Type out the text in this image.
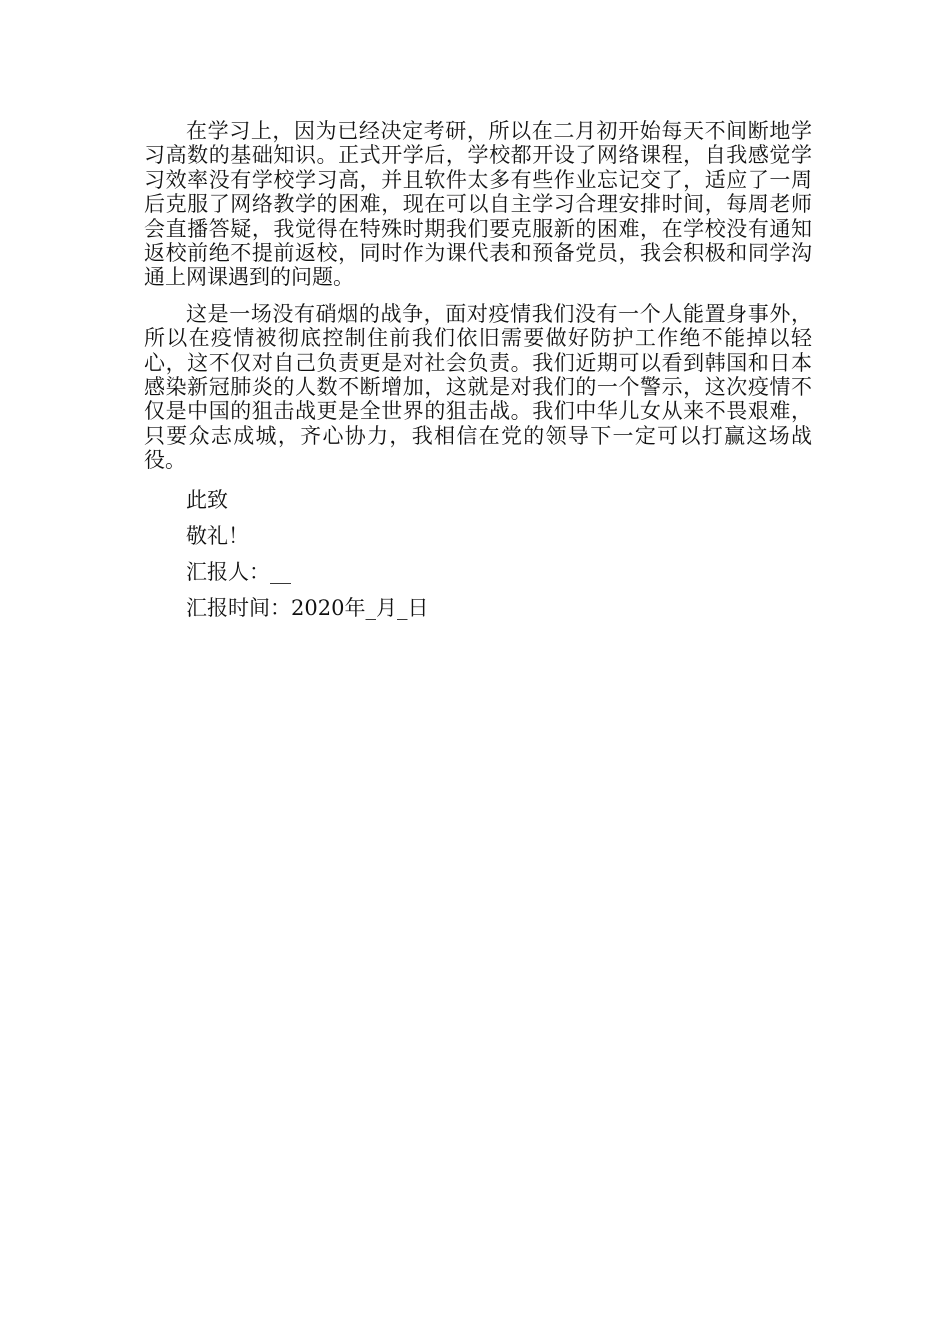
在学习上，因为已经决定考研，所以在二月初开始每天不间断地学习高数的基础知识。正式开学后，学校都开设了网络课程，自我感觉学习效率没有学校学习高，并且软件太多有些作业忘记交了，适应了一周后克服了网络教学的困难，现在可以自主学习合理安排时间，每周老师会直播答疑，我觉得在特殊时期我们要克服新的困难，在学校没有通知返校前绝不提前返校，同时作为课代表和预备党员，我会积极和同学沟通上网课遇到的问题。

这是一场没有硝烟的战争，面对疫情我们没有一个人能置身事外，所以在疫情被彻底控制住前我们依旧需要做好防护工作绝不能掉以轻心，这不仅对自己负责更是对社会负责。我们近期可以看到韩国和日本感染新冠肺炎的人数不断增加，这就是对我们的一个警示，这次疫情不仅是中国的狙击战更是全世界的狙击战。我们中华儿女从来不畏艰难，只要众志成城，齐心协力，我相信在党的领导下一定可以打赢这场战役。

此致

敬礼！

汇报人：__

汇报时间：2020年_月_日
